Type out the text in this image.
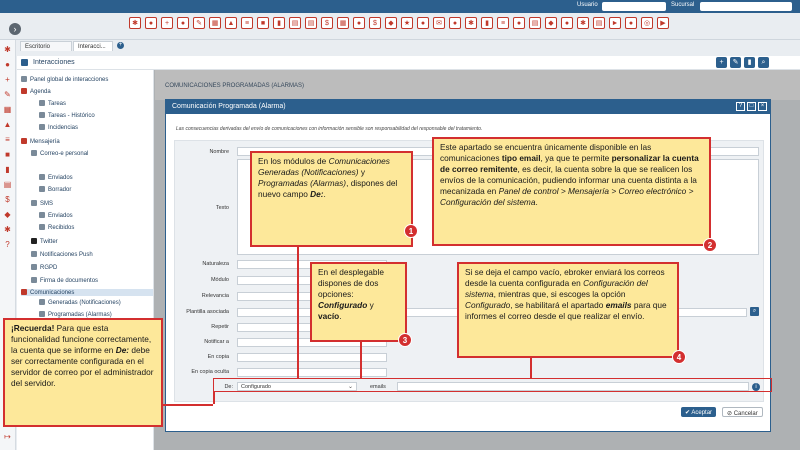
Usuario	Sucursal
✱	●	+	●	✎	▦	▲	≡	■	▮	▤	▤	$	▦	●	$	◆	★	●	✉	●	✱	▮	≡	●	▤	◆	●	✱	▤	►	●	◎	▶
✱
●
+
✎
▦
▲
≡
■
▮
▤
$
◆
✱
?
↦
›
Escritorio	Interacci...	+
Interacciones	+	✎	▮	⌕
Panel global de interacciones
Agenda
Tareas
Tareas - Histórico
Incidencias
Mensajería
Correo-e personal
Enviados
Borrador
SMS
Enviados
Recibidos
Twitter
Notificaciones Push
RGPD
Firma de documentos
Comunicaciones
Generadas (Notificaciones)
Programadas (Alarmas)
COMUNICACIONES PROGRAMADAS (ALARMAS)
Comunicación Programada (Alarma)	?	□	×
Las consecuencias derivadas del envío de comunicaciones con información sensible son responsabilidad del responsable del tratamiento.
Nombre
Texto
Naturaleza
Módulo
Relevancia
Plantilla asociada	⌕
Repetir
Notificar a
En copia
En copia oculta
De:	Configurado	⌄	emails	i
✔ Aceptar	⊘ Cancelar
En los módulos de Comunicaciones Generadas (Notificaciones) y Programadas (Alarmas), dispones del nuevo campo De:.
1
Este apartado se encuentra únicamente disponible en las comunicaciones tipo email, ya que te permite personalizar la cuenta de correo remitente, es decir, la cuenta sobre la que se realicen los envíos de la comunicación, pudiendo informar una cuenta distinta a la mecanizada en Panel de control > Mensajería > Correo electrónico > Configuración del sistema.
2
En el desplegable dispones de dos opciones: Configurado y vacío.
3
Si se deja el campo vacío, ebroker enviará los correos desde la cuenta configurada en Configuración del sistema, mientras que, si escoges la opción Configurado, se habilitará el apartado emails para que informes el correo desde el que realizar el envío.
4
¡Recuerda! Para que esta funcionalidad funcione correctamente, la cuenta que se informe en De: debe ser correctamente configurada en el servidor de correo por el administrador del servidor.
